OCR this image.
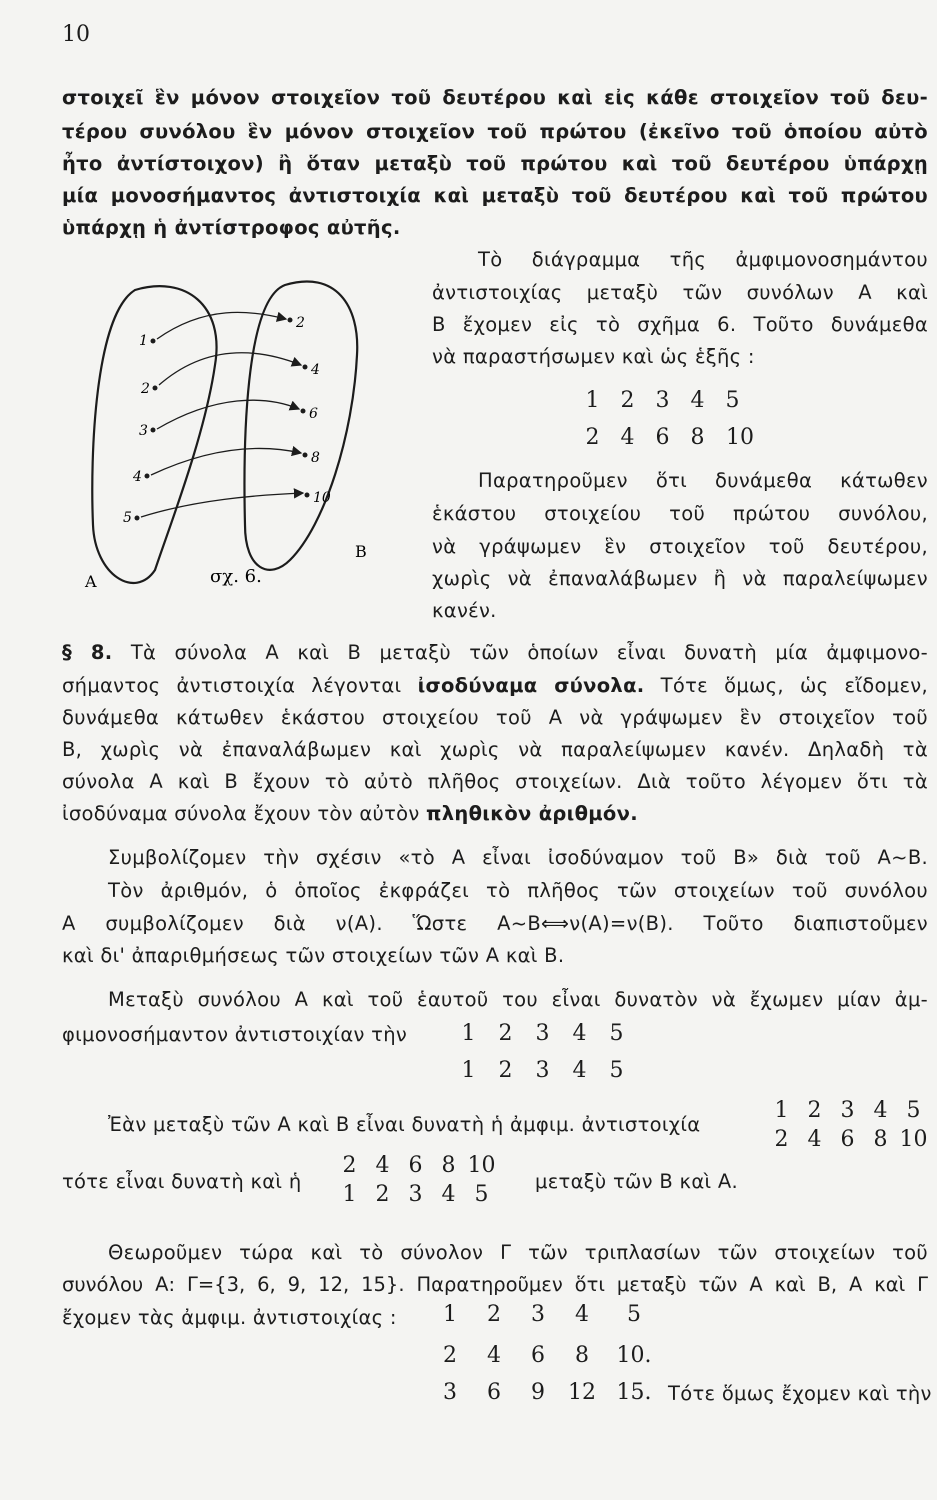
10
στοιχεῖ ἓν μόνον στοιχεῖον τοῦ δευτέρου καὶ εἰς κάθε στοιχεῖον τοῦ δευ-
τέρου συνόλου ἓν μόνον στοιχεῖον τοῦ πρώτου (ἐκεῖνο τοῦ ὁποίου αὐτὸ
ἦτο ἀντίστοιχον) ἢ ὅταν μεταξὺ τοῦ πρώτου καὶ τοῦ δευτέρου ὑπάρχῃ
μία μονοσήμαντος ἀντιστοιχία καὶ μεταξὺ τοῦ δευτέρου καὶ τοῦ πρώτου
ὑπάρχῃ ἡ ἀντίστροφος αὐτῆς.
Τὸ διάγραμμα τῆς ἀμφιμονοσημάντου
ἀντιστοιχίας μεταξὺ τῶν συνόλων Α καὶ
Β ἔχομεν εἰς τὸ σχῆμα 6. Τοῦτο δυνάμεθα
νὰ παραστήσωμεν καὶ ὡς ἑξῆς :
1 2 3 4 5
2 4 6 8 10
Παρατηροῦμεν ὅτι δυνάμεθα κάτωθεν
ἑκάστου στοιχείου τοῦ πρώτου συνόλου,
νὰ γράψωμεν ἓν στοιχεῖον τοῦ δευτέρου,
χωρὶς νὰ ἐπαναλάβωμεν ἢ νὰ παραλείψωμεν
κανέν.
1
2
3
4
5
2
4
6
8
10
Α
Β
σχ. 6.
§ 8. Τὰ σύνολα Α καὶ Β μεταξὺ τῶν ὁποίων εἶναι δυνατὴ μία ἀμφιμονο-
σήμαντος ἀντιστοιχία λέγονται ἰσοδύναμα σύνολα. Τότε ὅμως, ὡς εἴδομεν,
δυνάμεθα κάτωθεν ἑκάστου στοιχείου τοῦ Α νὰ γράψωμεν ἓν στοιχεῖον τοῦ
Β, χωρὶς νὰ ἐπαναλάβωμεν καὶ χωρὶς νὰ παραλείψωμεν κανέν. Δηλαδὴ τὰ
σύνολα Α καὶ Β ἔχουν τὸ αὐτὸ πλῆθος στοιχείων. Διὰ τοῦτο λέγομεν ὅτι τὰ
ἰσοδύναμα σύνολα ἔχουν τὸν αὐτὸν πληθικὸν ἀριθμόν.
Συμβολίζομεν τὴν σχέσιν «τὸ Α εἶναι ἰσοδύναμον τοῦ Β» διὰ τοῦ Α~Β.
Τὸν ἀριθμόν, ὁ ὁποῖος ἐκφράζει τὸ πλῆθος τῶν στοιχείων τοῦ συνόλου
Α συμβολίζομεν διὰ ν(Α). Ὥστε Α~Β⟺ν(Α)=ν(Β). Τοῦτο διαπιστοῦμεν
καὶ δι' ἀπαριθμήσεως τῶν στοιχείων τῶν Α καὶ Β.
Μεταξὺ συνόλου Α καὶ τοῦ ἑαυτοῦ του εἶναι δυνατὸν νὰ ἔχωμεν μίαν ἀμ-
φιμονοσήμαντον ἀντιστοιχίαν τὴν	1 2 3 4 5
1 2 3 4 5
Ἐὰν μεταξὺ τῶν Α καὶ Β εἶναι δυνατὴ ἡ ἀμφιμ. ἀντιστοιχία
1 2 3 4 5
2 4 6 8 10
τότε εἶναι δυνατὴ καὶ ἡ
2 4 6 8 10
1 2 3 4 5
μεταξὺ τῶν Β καὶ Α.
Θεωροῦμεν τώρα καὶ τὸ σύνολον Γ τῶν τριπλασίων τῶν στοιχείων τοῦ
συνόλου Α: Γ={3, 6, 9, 12, 15}. Παρατηροῦμεν ὅτι μεταξὺ τῶν Α καὶ Β, Α καὶ Γ
ἔχομεν τὰς ἀμφιμ. ἀντιστοιχίας :	1 2 3 4 5
2 4 6 8 10.
3 6 9 12 15. Τότε ὅμως ἔχομεν καὶ τὴν
